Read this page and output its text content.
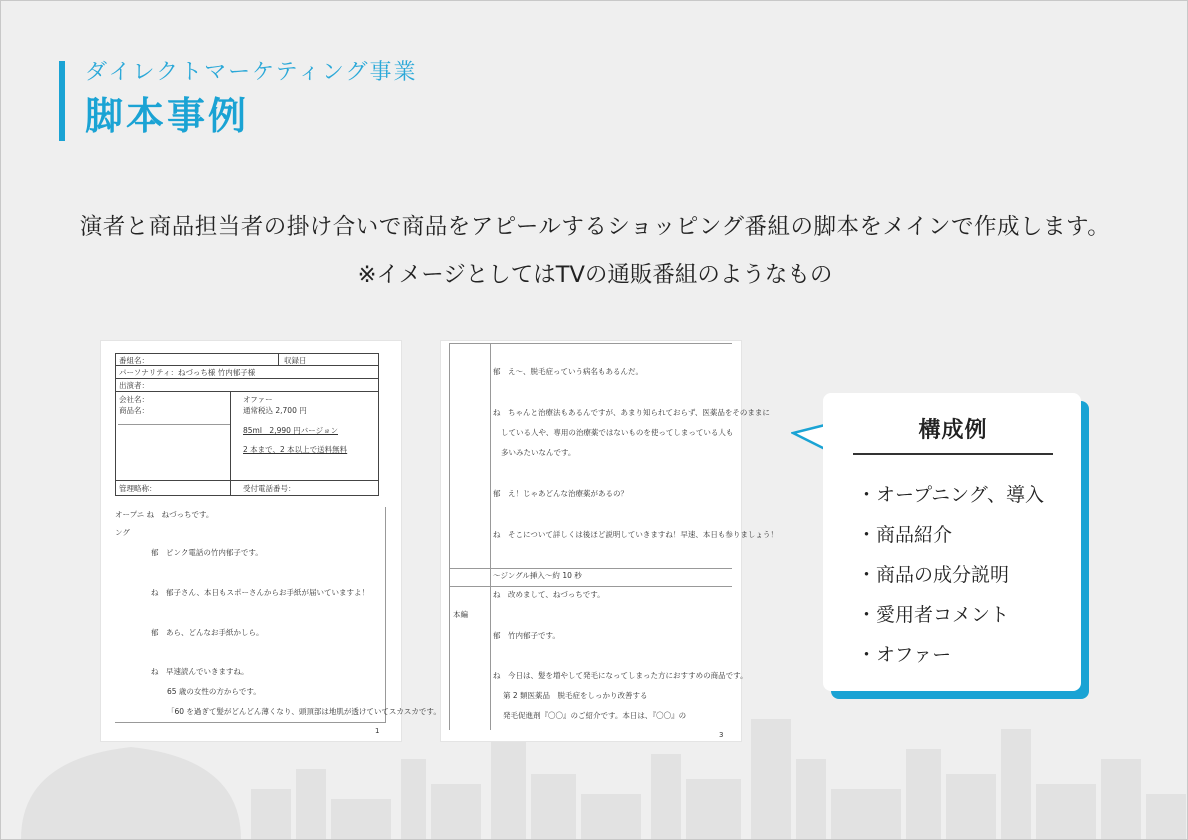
ダイレクトマーケティング事業
脚本事例
演者と商品担当者の掛け合いで商品をアピールするショッピング番組の脚本をメインで作成します。
※イメージとしてはTVの通販番組のようなもの
番組名：	収録日
パーソナリティ：ねづっち様 竹内郁子様
出演者：
会社名：
商品名：
オファー
通常税込 2,700 円
85ml　2,990 円バージョン
2 本まで、2 本以上で送料無料
管理略称：	受付電話番号：
オープニ ね　ねづっちです。
ング
郁　ピンク電話の竹内郁子です。
ね　郁子さん、本日もスポーさんからお手紙が届いていますよ！
郁　あら、どんなお手紙かしら。
ね　早速読んでいきますね。
65 歳の女性の方からです。
「60 を過ぎて髪がどんどん薄くなり、頭頂部は地肌が透けていてスカスカです。
1
郁　え～、脱毛症っていう病名もあるんだ。
ね　ちゃんと治療法もあるんですが、あまり知られておらず、医薬品をそのままに
している人や、専用の治療薬ではないものを使ってしまっている人も
多いみたいなんです。
郁　え！じゃあどんな治療薬があるの？
ね　そこについて詳しくは後ほど説明していきますね！早速、本日も参りましょう！
～ジングル挿入～約 10 秒
ね　改めまして、ねづっちです。
本編
郁　竹内郁子です。
ね　今日は、髪を増やして発毛になってしまった方におすすめの商品です。
第 2 類医薬品　脱毛症をしっかり改善する
発毛促進剤『〇〇』のご紹介です。本日は、『〇〇』の
3
構成例
・ オープニング、導入
・ 商品紹介
・ 商品の成分説明
・ 愛用者コメント
・ オファー
